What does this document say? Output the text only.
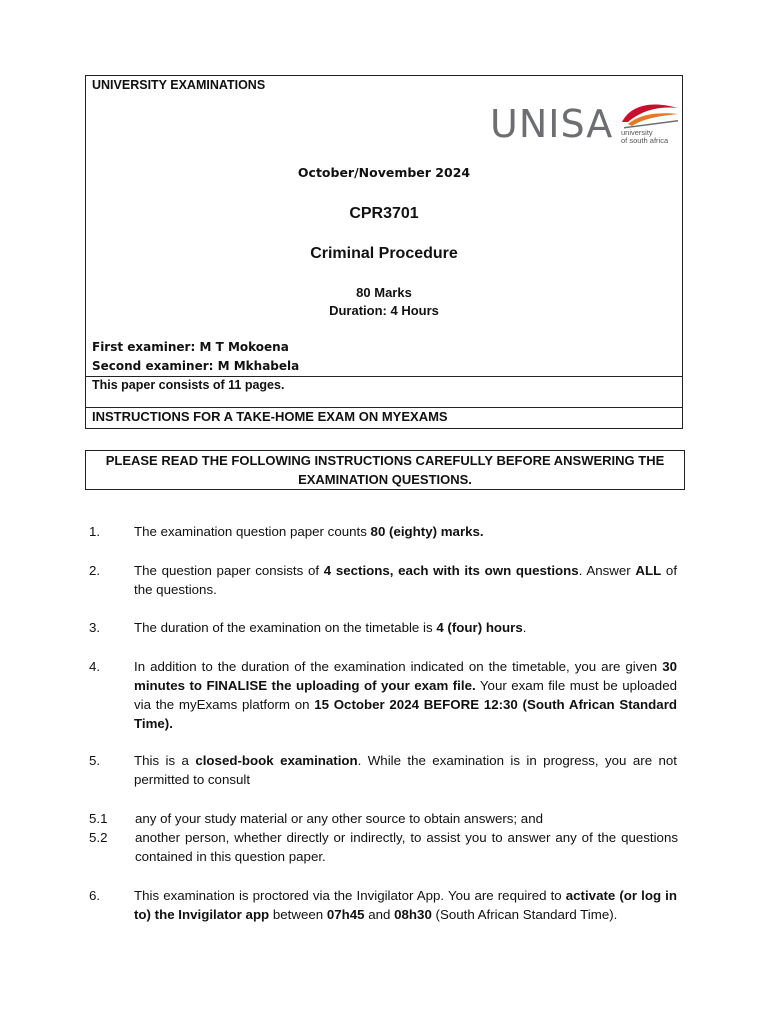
UNIVERSITY EXAMINATIONS
UNISA university
of south africa
October/November 2024
CPR3701
Criminal Procedure
80 Marks
Duration: 4 Hours
First examiner: M T Mokoena
Second examiner: M Mkhabela
This paper consists of 11 pages.
INSTRUCTIONS FOR A TAKE-HOME EXAM ON MYEXAMS
PLEASE READ THE FOLLOWING INSTRUCTIONS CAREFULLY BEFORE ANSWERING THE
EXAMINATION QUESTIONS.
1.	The examination question paper counts 80 (eighty) marks.
2.	The question paper consists of 4 sections, each with its own questions. Answer ALL of the questions.
3.	The duration of the examination on the timetable is 4 (four) hours.
4.	In addition to the duration of the examination indicated on the timetable, you are given 30 minutes to FINALISE the uploading of your exam file. Your exam file must be uploaded via the myExams platform on 15 October 2024 BEFORE 12:30 (South African Standard Time).
5.	This is a closed-book examination. While the examination is in progress, you are not permitted to consult
5.1 any of your study material or any other source to obtain answers; and
5.2 another person, whether directly or indirectly, to assist you to answer any of the questions contained in this question paper.
6.	This examination is proctored via the Invigilator App. You are required to activate (or log in to) the Invigilator app between 07h45 and 08h30 (South African Standard Time).
